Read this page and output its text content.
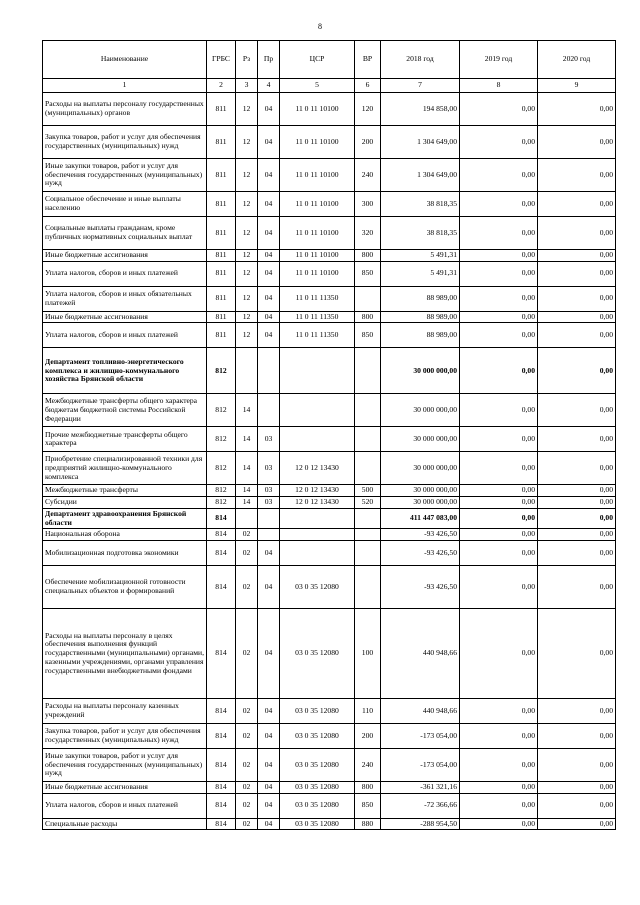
8
Наименование	ГРБС	Рз	Пр	ЦСР	ВР	2018 год	2019 год	2020 год
1	2	3	4	5	6	7	8	9
Расходы на выплаты персоналу государственных (муниципальных) органов	811	12	04	11 0 11 10100	120	194 858,00	0,00	0,00
Закупка товаров, работ и услуг для обеспечения государственных (муниципальных) нужд	811	12	04	11 0 11 10100	200	1 304 649,00	0,00	0,00
Иные закупки товаров, работ и услуг для обеспечения государственных (муниципальных) нужд	811	12	04	11 0 11 10100	240	1 304 649,00	0,00	0,00
Социальное обеспечение и иные выплаты населению	811	12	04	11 0 11 10100	300	38 818,35	0,00	0,00
Социальные выплаты гражданам, кроме публичных нормативных социальных выплат	811	12	04	11 0 11 10100	320	38 818,35	0,00	0,00
Иные бюджетные ассигнования	811	12	04	11 0 11 10100	800	5 491,31	0,00	0,00
Уплата налогов, сборов и иных платежей	811	12	04	11 0 11 10100	850	5 491,31	0,00	0,00
Уплата налогов, сборов и иных обязательных платежей	811	12	04	11 0 11 11350		88 989,00	0,00	0,00
Иные бюджетные ассигнования	811	12	04	11 0 11 11350	800	88 989,00	0,00	0,00
Уплата налогов, сборов и иных платежей	811	12	04	11 0 11 11350	850	88 989,00	0,00	0,00
Департамент топливно-энергетического комплекса и жилищно-коммунального хозяйства Брянской области	812					30 000 000,00	0,00	0,00
Межбюджетные трансферты общего характера бюджетам бюджетной системы Российской Федерации	812	14				30 000 000,00	0,00	0,00
Прочие межбюджетные трансферты общего характера	812	14	03			30 000 000,00	0,00	0,00
Приобретение специализированной техники для предприятий жилищно-коммунального комплекса	812	14	03	12 0 12 13430		30 000 000,00	0,00	0,00
Межбюджетные трансферты	812	14	03	12 0 12 13430	500	30 000 000,00	0,00	0,00
Субсидии	812	14	03	12 0 12 13430	520	30 000 000,00	0,00	0,00
Департамент здравоохранения Брянской области	814					411 447 083,00	0,00	0,00
Национальная оборона	814	02				-93 426,50	0,00	0,00
Мобилизационная подготовка экономики	814	02	04			-93 426,50	0,00	0,00
Обеспечение мобилизационной готовности специальных объектов и формирований	814	02	04	03 0 35 12080		-93 426,50	0,00	0,00
Расходы на выплаты персоналу в целях обеспечения выполнения функций государственными (муниципальными) органами, казенными учреждениями, органами управления государственными внебюджетными фондами	814	02	04	03 0 35 12080	100	440 948,66	0,00	0,00
Расходы на выплаты персоналу казенных учреждений	814	02	04	03 0 35 12080	110	440 948,66	0,00	0,00
Закупка товаров, работ и услуг для обеспечения государственных (муниципальных) нужд	814	02	04	03 0 35 12080	200	-173 054,00	0,00	0,00
Иные закупки товаров, работ и услуг для обеспечения государственных (муниципальных) нужд	814	02	04	03 0 35 12080	240	-173 054,00	0,00	0,00
Иные бюджетные ассигнования	814	02	04	03 0 35 12080	800	-361 321,16	0,00	0,00
Уплата налогов, сборов и иных платежей	814	02	04	03 0 35 12080	850	-72 366,66	0,00	0,00
Специальные расходы	814	02	04	03 0 35 12080	880	-288 954,50	0,00	0,00
